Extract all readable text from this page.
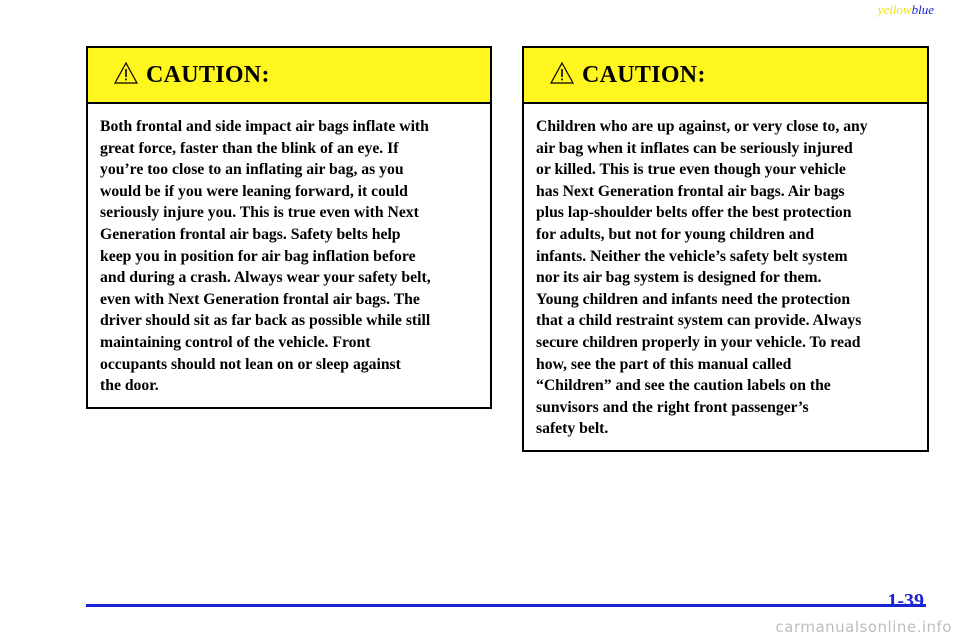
yellowblue
CAUTION:
Both frontal and side impact air bags inflate with
great force, faster than the blink of an eye. If
you’re too close to an inflating air bag, as you
would be if you were leaning forward, it could
seriously injure you. This is true even with Next
Generation frontal air bags. Safety belts help
keep you in position for air bag inflation before
and during a crash. Always wear your safety belt,
even with Next Generation frontal air bags. The
driver should sit as far back as possible while still
maintaining control of the vehicle. Front
occupants should not lean on or sleep against
the door.
CAUTION:
Children who are up against, or very close to, any
air bag when it inflates can be seriously injured
or killed. This is true even though your vehicle
has Next Generation frontal air bags. Air bags
plus lap-shoulder belts offer the best protection
for adults, but not for young children and
infants. Neither the vehicle’s safety belt system
nor its air bag system is designed for them.
Young children and infants need the protection
that a child restraint system can provide. Always
secure children properly in your vehicle. To read
how, see the part of this manual called
“Children” and see the caution labels on the
sunvisors and the right front passenger’s
safety belt.
1-39
carmanualsonline.info
